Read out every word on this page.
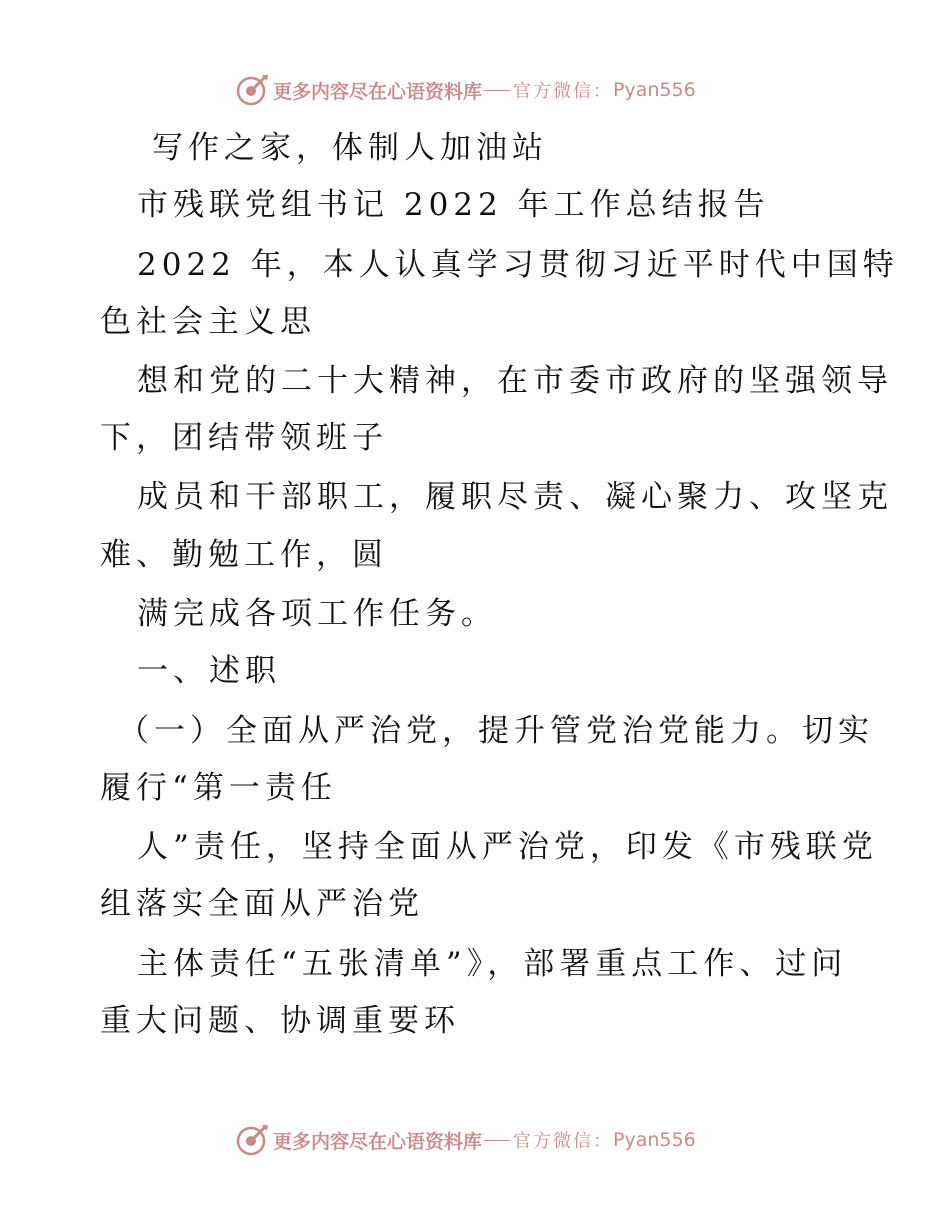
更多内容尽在心语资料库 官方微信： Pyan556
写作之家，体制人加油站
市残联党组书记 2022 年工作总结报告
2022 年，本人认真学习贯彻习近平时代中国特
色社会主义思
想和党的二十大精神，在市委市政府的坚强领导
下，团结带领班子
成员和干部职工，履职尽责、凝心聚力、攻坚克
难、勤勉工作，圆
满完成各项工作任务。
一、述职
（一）全面从严治党，提升管党治党能力。切实
履行“第一责任
人”责任，坚持全面从严治党，印发《市残联党
组落实全面从严治党
主体责任“五张清单”》，部署重点工作、过问
重大问题、协调重要环
更多内容尽在心语资料库 官方微信： Pyan556
